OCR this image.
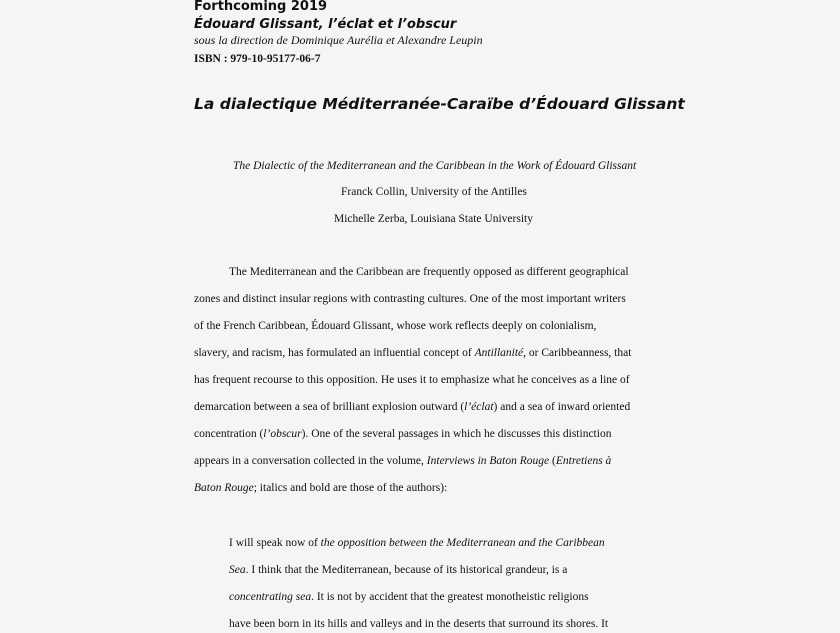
Forthcoming 2019
Édouard Glissant, l’éclat et l’obscur
sous la direction de Dominique Aurélia et Alexandre Leupin
ISBN : 979-10-95177-06-7
La dialectique Méditerranée-Caraïbe d’Édouard Glissant
The Dialectic of the Mediterranean and the Caribbean in the Work of Édouard Glissant
Franck Collin, University of the Antilles
Michelle Zerba, Louisiana State University
The Mediterranean and the Caribbean are frequently opposed as different geographical
zones and distinct insular regions with contrasting cultures. One of the most important writers
of the French Caribbean, Édouard Glissant, whose work reflects deeply on colonialism,
slavery, and racism, has formulated an influential concept of Antillanité, or Caribbeanness, that
has frequent recourse to this opposition. He uses it to emphasize what he conceives as a line of
demarcation between a sea of brilliant explosion outward (l’éclat) and a sea of inward oriented
concentration (l’obscur). One of the several passages in which he discusses this distinction
appears in a conversation collected in the volume, Interviews in Baton Rouge (Entretiens à
Baton Rouge; italics and bold are those of the authors):
I will speak now of the opposition between the Mediterranean and the Caribbean
Sea. I think that the Mediterranean, because of its historical grandeur, is a
concentrating sea. It is not by accident that the greatest monotheistic religions
have been born in its hills and valleys and in the deserts that surround its shores. It
